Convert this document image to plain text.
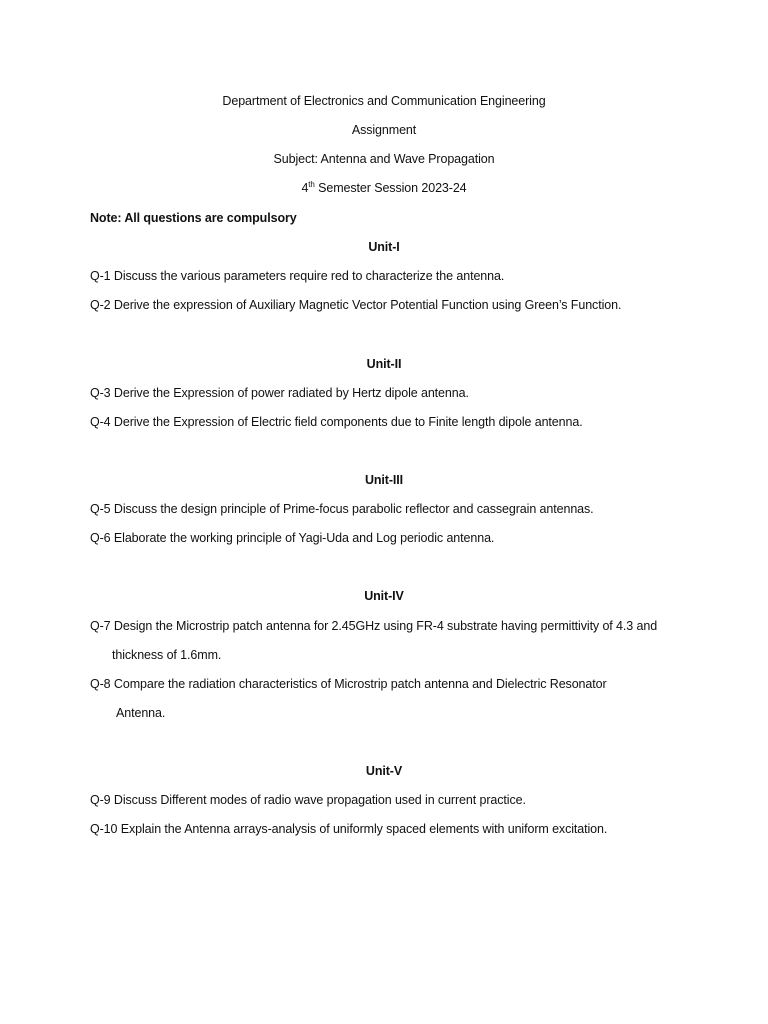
Department of Electronics and Communication Engineering
Assignment
Subject: Antenna and Wave Propagation
4th Semester Session 2023-24
Note: All questions are compulsory
Unit-I
Q-1 Discuss the various parameters require red to characterize the antenna.
Q-2 Derive the expression of Auxiliary Magnetic Vector Potential Function using Green’s Function.
Unit-II
Q-3 Derive the Expression of power radiated by Hertz dipole antenna.
Q-4 Derive the Expression of Electric field components due to Finite length dipole antenna.
Unit-III
Q-5 Discuss the design principle of Prime-focus parabolic reflector and cassegrain antennas.
Q-6 Elaborate the working principle of Yagi-Uda and Log periodic antenna.
Unit-IV
Q-7 Design the Microstrip patch antenna for 2.45GHz using FR-4 substrate having permittivity of 4.3 and
thickness of 1.6mm.
Q-8 Compare the radiation characteristics of Microstrip patch antenna and Dielectric Resonator
Antenna.
Unit-V
Q-9 Discuss Different modes of radio wave propagation used in current practice.
Q-10 Explain the Antenna arrays-analysis of uniformly spaced elements with uniform excitation.
